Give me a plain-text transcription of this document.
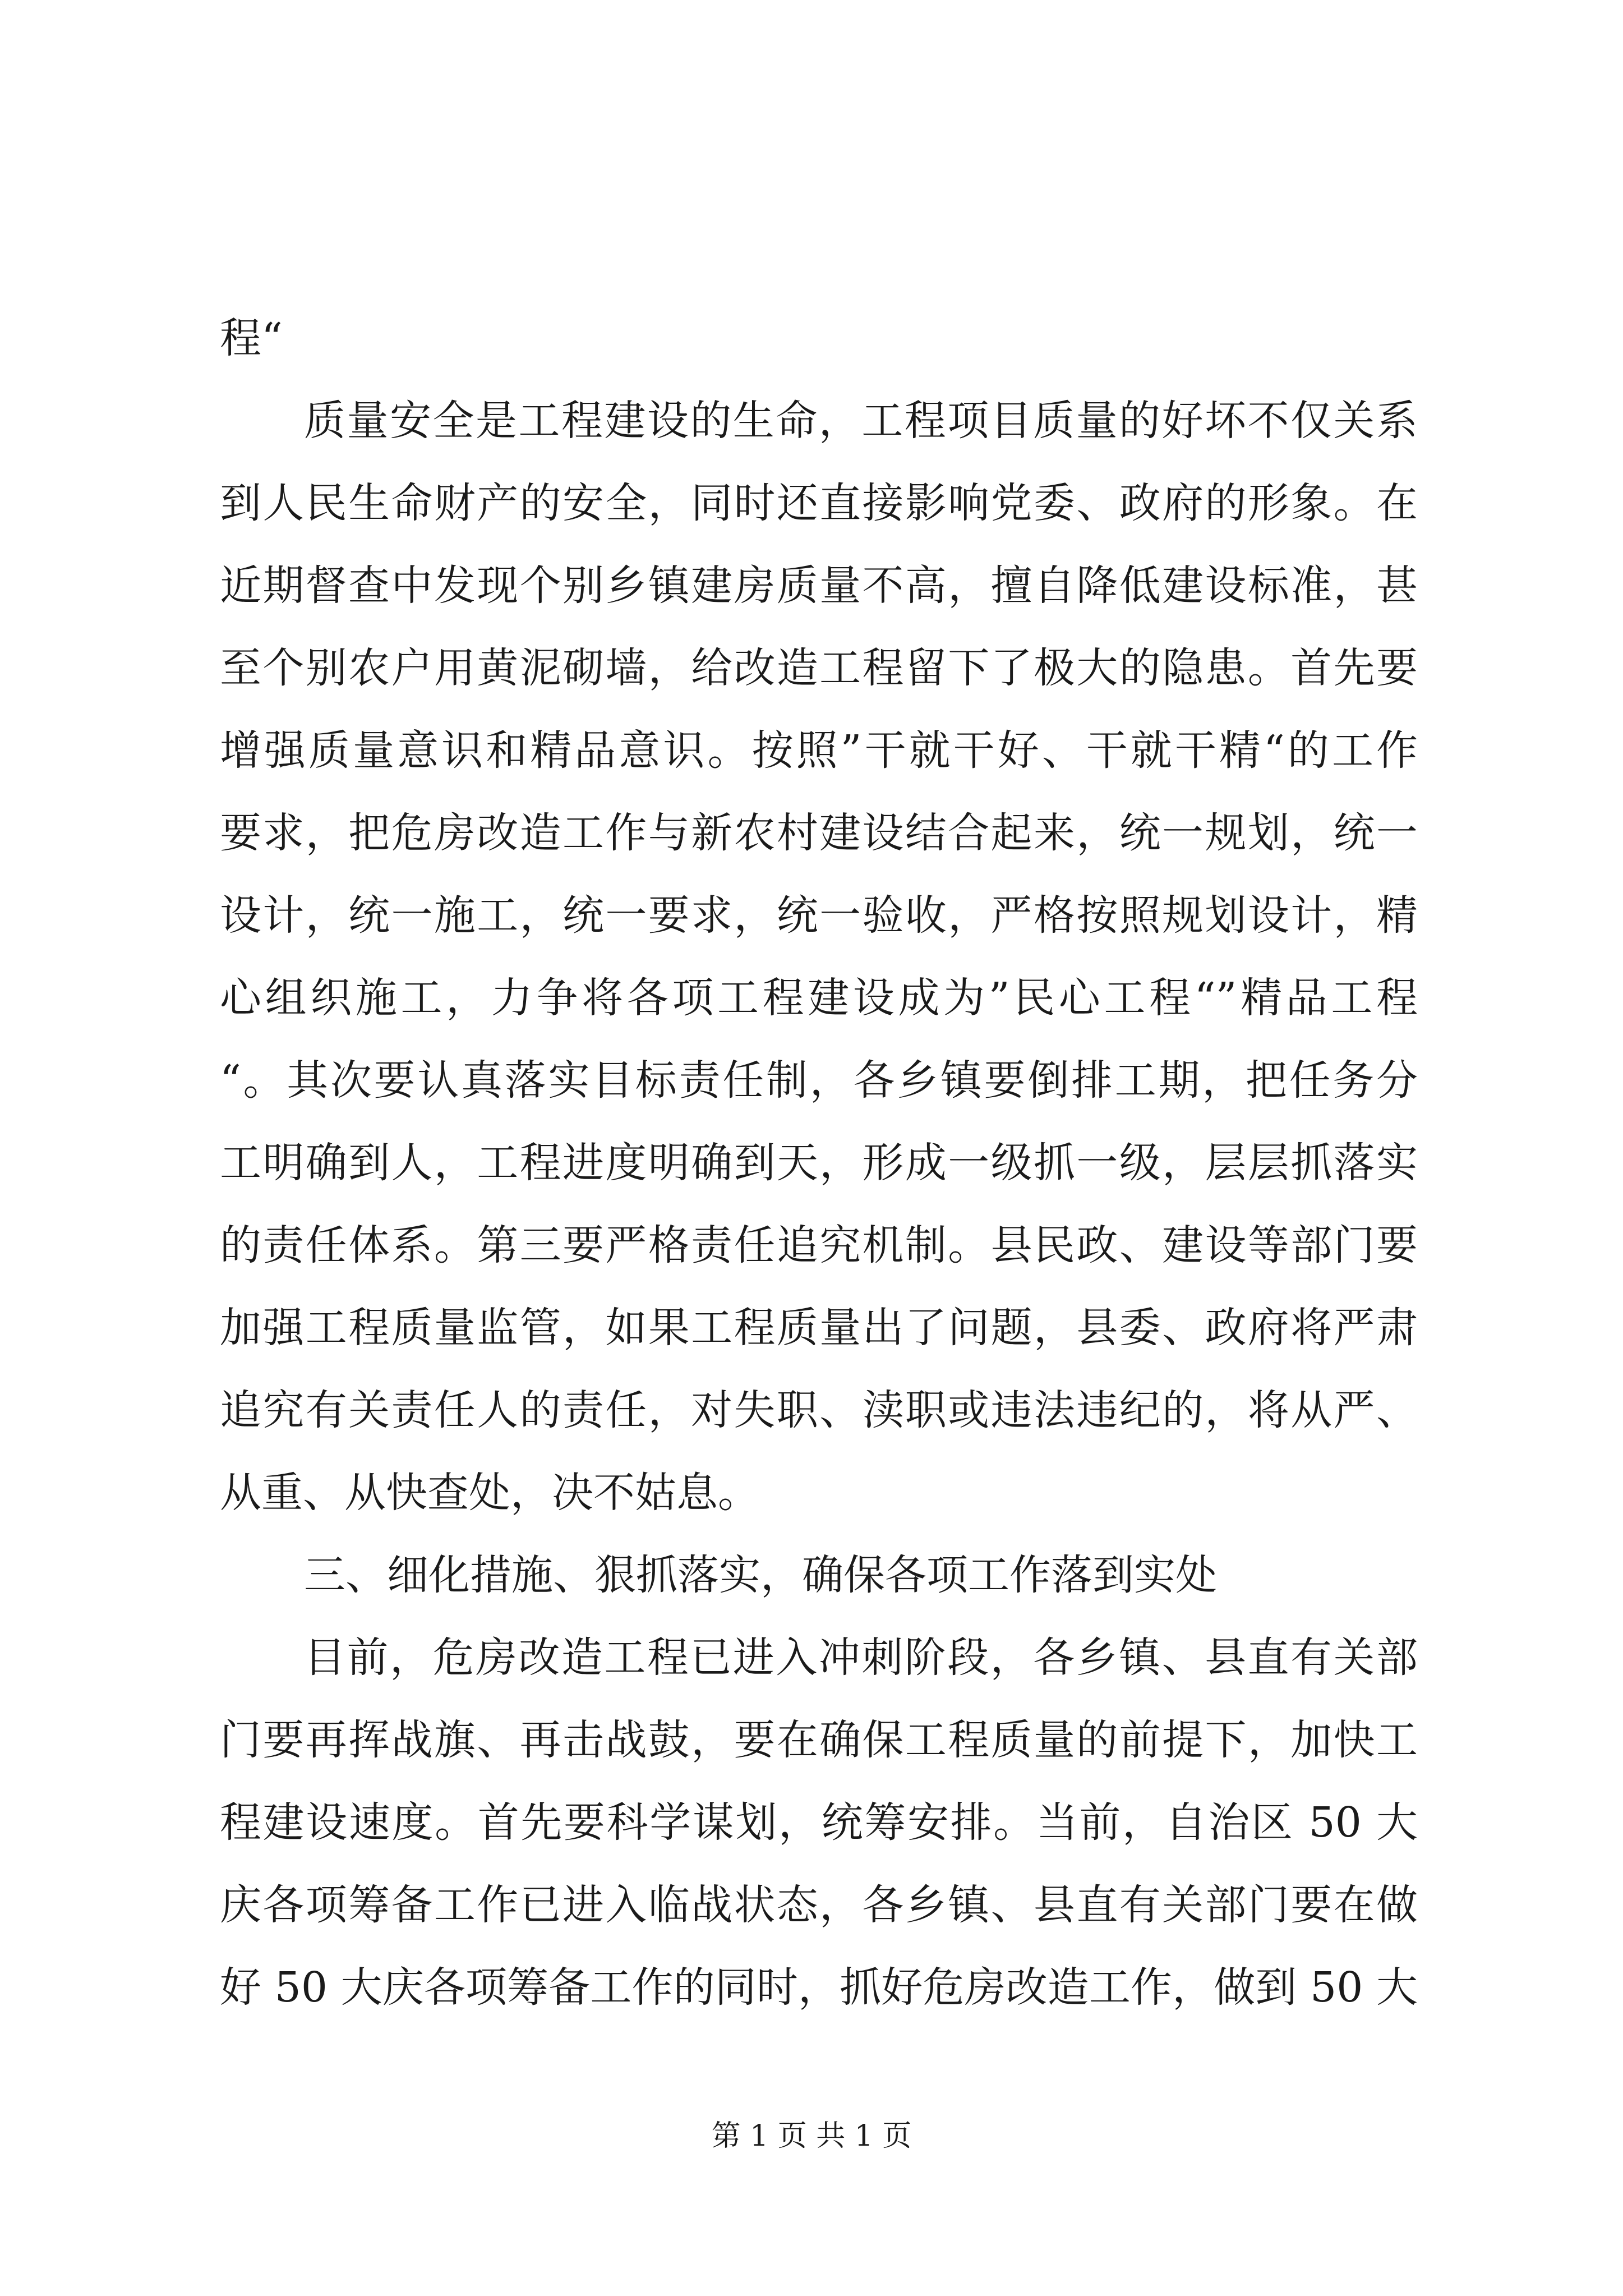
程“
质量安全是工程建设的生命，工程项目质量的好坏不仅关系
到人民生命财产的安全，同时还直接影响党委、政府的形象。在
近期督查中发现个别乡镇建房质量不高，擅自降低建设标准，甚
至个别农户用黄泥砌墙，给改造工程留下了极大的隐患。首先要
增强质量意识和精品意识。按照”干就干好、干就干精“的工作
要求，把危房改造工作与新农村建设结合起来，统一规划，统一
设计，统一施工，统一要求，统一验收，严格按照规划设计，精
心组织施工，力争将各项工程建设成为”民心工程“”精品工程
“。其次要认真落实目标责任制，各乡镇要倒排工期，把任务分
工明确到人，工程进度明确到天，形成一级抓一级，层层抓落实
的责任体系。第三要严格责任追究机制。县民政、建设等部门要
加强工程质量监管，如果工程质量出了问题，县委、政府将严肃
追究有关责任人的责任，对失职、渎职或违法违纪的，将从严、
从重、从快查处，决不姑息。
三、细化措施、狠抓落实，确保各项工作落到实处
目前，危房改造工程已进入冲刺阶段，各乡镇、县直有关部
门要再挥战旗、再击战鼓，要在确保工程质量的前提下，加快工
程建设速度。首先要科学谋划，统筹安排。当前，自治区 50 大
庆各项筹备工作已进入临战状态，各乡镇、县直有关部门要在做
好 50 大庆各项筹备工作的同时，抓好危房改造工作，做到 50 大
第 1 页 共 1 页
